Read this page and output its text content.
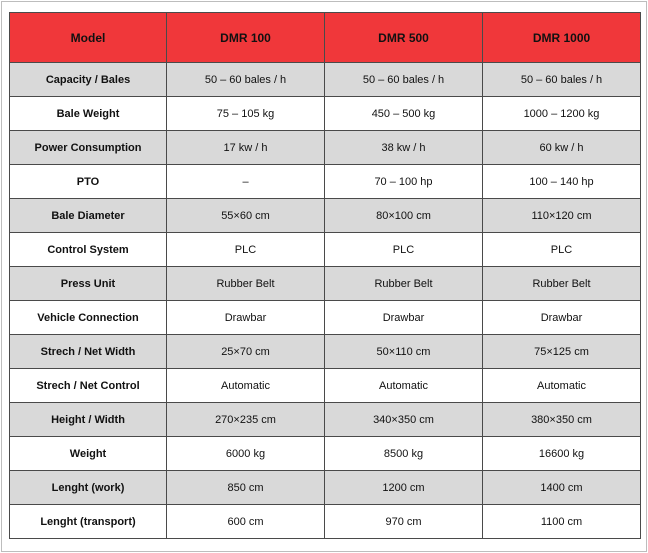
Model	DMR 100	DMR 500	DMR 1000
Capacity / Bales	50 – 60 bales / h	50 – 60 bales / h	50 – 60 bales / h
Bale Weight	75 – 105 kg	450 – 500 kg	1000 – 1200 kg
Power Consumption	17 kw / h	38 kw / h	60 kw / h
PTO	–	70 – 100 hp	100 – 140 hp
Bale Diameter	55×60 cm	80×100 cm	110×120 cm
Control System	PLC	PLC	PLC
Press Unit	Rubber Belt	Rubber Belt	Rubber Belt
Vehicle Connection	Drawbar	Drawbar	Drawbar
Strech / Net Width	25×70 cm	50×110 cm	75×125 cm
Strech / Net Control	Automatic	Automatic	Automatic
Height / Width	270×235 cm	340×350 cm	380×350 cm
Weight	6000 kg	8500 kg	16600 kg
Lenght (work)	850 cm	1200 cm	1400 cm
Lenght (transport)	600 cm	970 cm	1100 cm
